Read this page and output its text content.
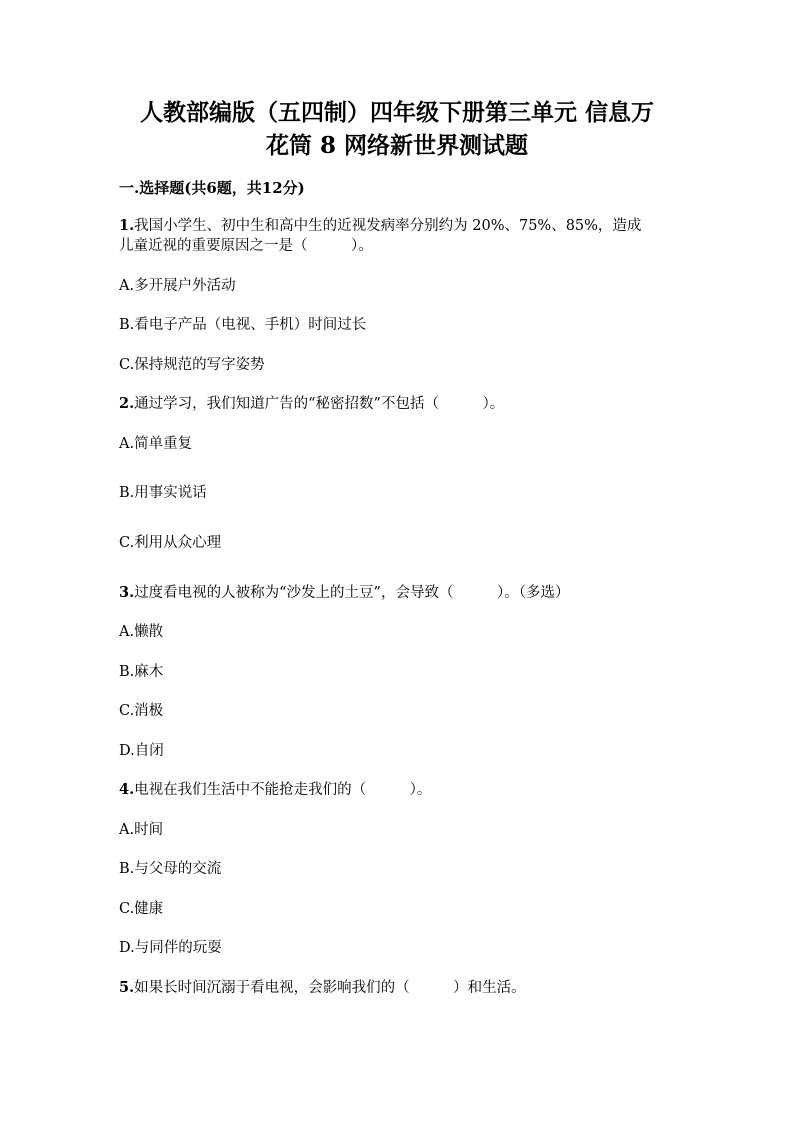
人教部编版（五四制）四年级下册第三单元 信息万
花筒 8 网络新世界测试题
一.选择题(共6题，共12分)
1.我国小学生、初中生和高中生的近视发病率分别约为 20%、75%、85%，造成
儿童近视的重要原因之一是（　　　）。
A.多开展户外活动
B.看电子产品（电视、手机）时间过长
C.保持规范的写字姿势
2.通过学习，我们知道广告的“秘密招数”不包括（　　　）。
A.简单重复
B.用事实说话
C.利用从众心理
3.过度看电视的人被称为“沙发上的土豆”，会导致（　　　）。（多选）
A.懒散
B.麻木
C.消极
D.自闭
4.电视在我们生活中不能抢走我们的（　　　）。
A.时间
B.与父母的交流
C.健康
D.与同伴的玩耍
5.如果长时间沉溺于看电视，会影响我们的（　　　）和生活。
